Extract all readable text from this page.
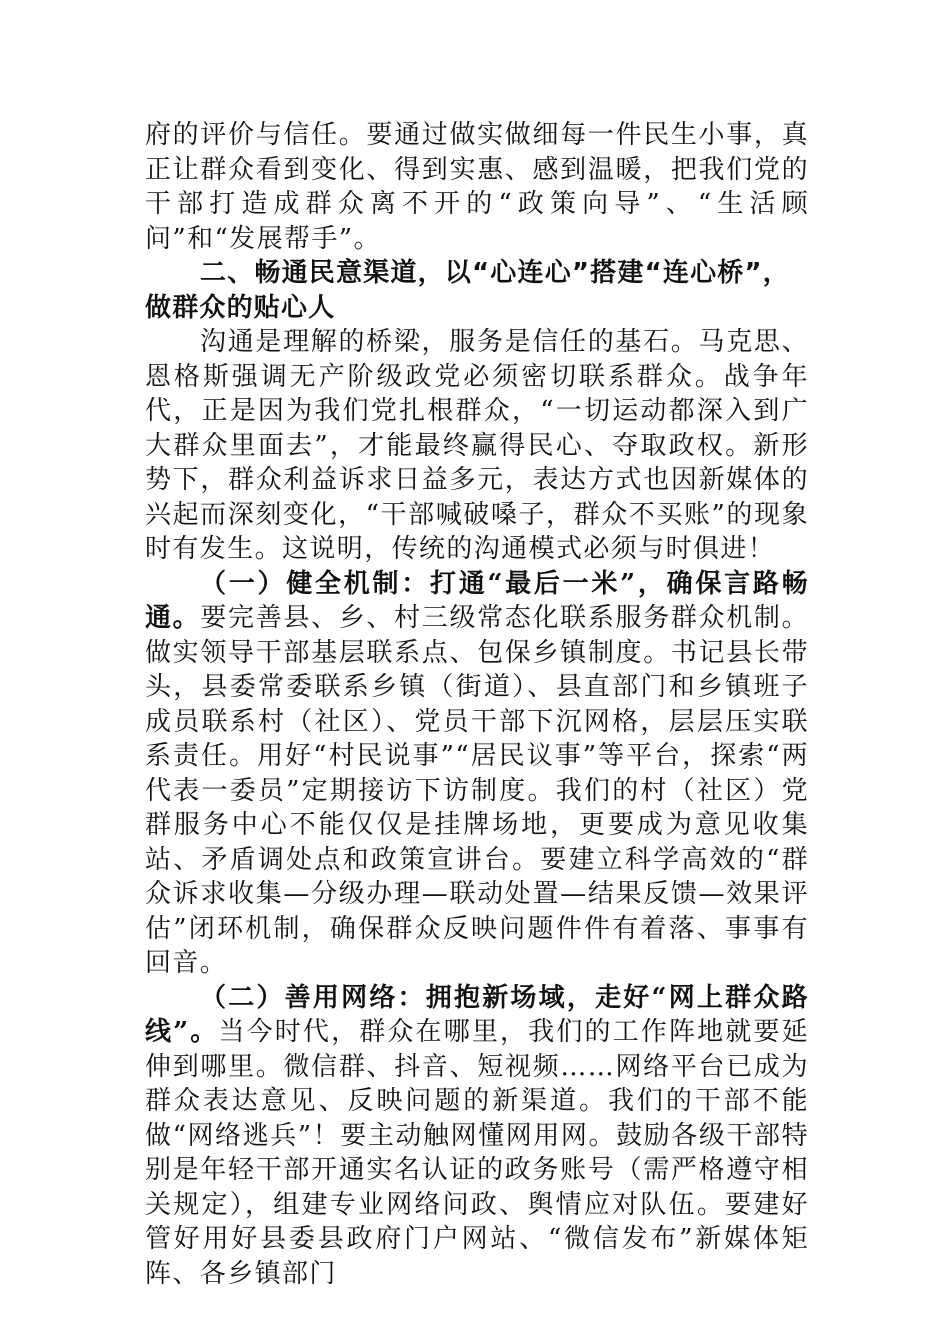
府的评价与信任。要通过做实做细每一件民生小事，真正让群众看到变化、得到实惠、感到温暖，把我们党的干部打造成群众离不开的“政策向导”、“生活顾问”和“发展帮手”。

二、畅通民意渠道，以“心连心”搭建“连心桥”，做群众的贴心人

沟通是理解的桥梁，服务是信任的基石。马克思、恩格斯强调无产阶级政党必须密切联系群众。战争年代，正是因为我们党扎根群众，“一切运动都深入到广大群众里面去”，才能最终赢得民心、夺取政权。新形势下，群众利益诉求日益多元，表达方式也因新媒体的兴起而深刻变化，“干部喊破嗓子，群众不买账”的现象时有发生。这说明，传统的沟通模式必须与时俱进！

（一）健全机制：打通“最后一米”，确保言路畅通。要完善县、乡、村三级常态化联系服务群众机制。做实领导干部基层联系点、包保乡镇制度。书记县长带头，县委常委联系乡镇（街道）、县直部门和乡镇班子成员联系村（社区）、党员干部下沉网格，层层压实联系责任。用好“村民说事”“居民议事”等平台，探索“两代表一委员”定期接访下访制度。我们的村（社区）党群服务中心不能仅仅是挂牌场地，更要成为意见收集站、矛盾调处点和政策宣讲台。要建立科学高效的“群众诉求收集—分级办理—联动处置—结果反馈—效果评估”闭环机制，确保群众反映问题件件有着落、事事有回音。

（二）善用网络：拥抱新场域，走好“网上群众路线”。当今时代，群众在哪里，我们的工作阵地就要延伸到哪里。微信群、抖音、短视频……网络平台已成为群众表达意见、反映问题的新渠道。我们的干部不能做“网络逃兵”！要主动触网懂网用网。鼓励各级干部特别是年轻干部开通实名认证的政务账号（需严格遵守相关规定），组建专业网络问政、舆情应对队伍。要建好管好用好县委县政府门户网站、“微信发布”新媒体矩阵、各乡镇部门
